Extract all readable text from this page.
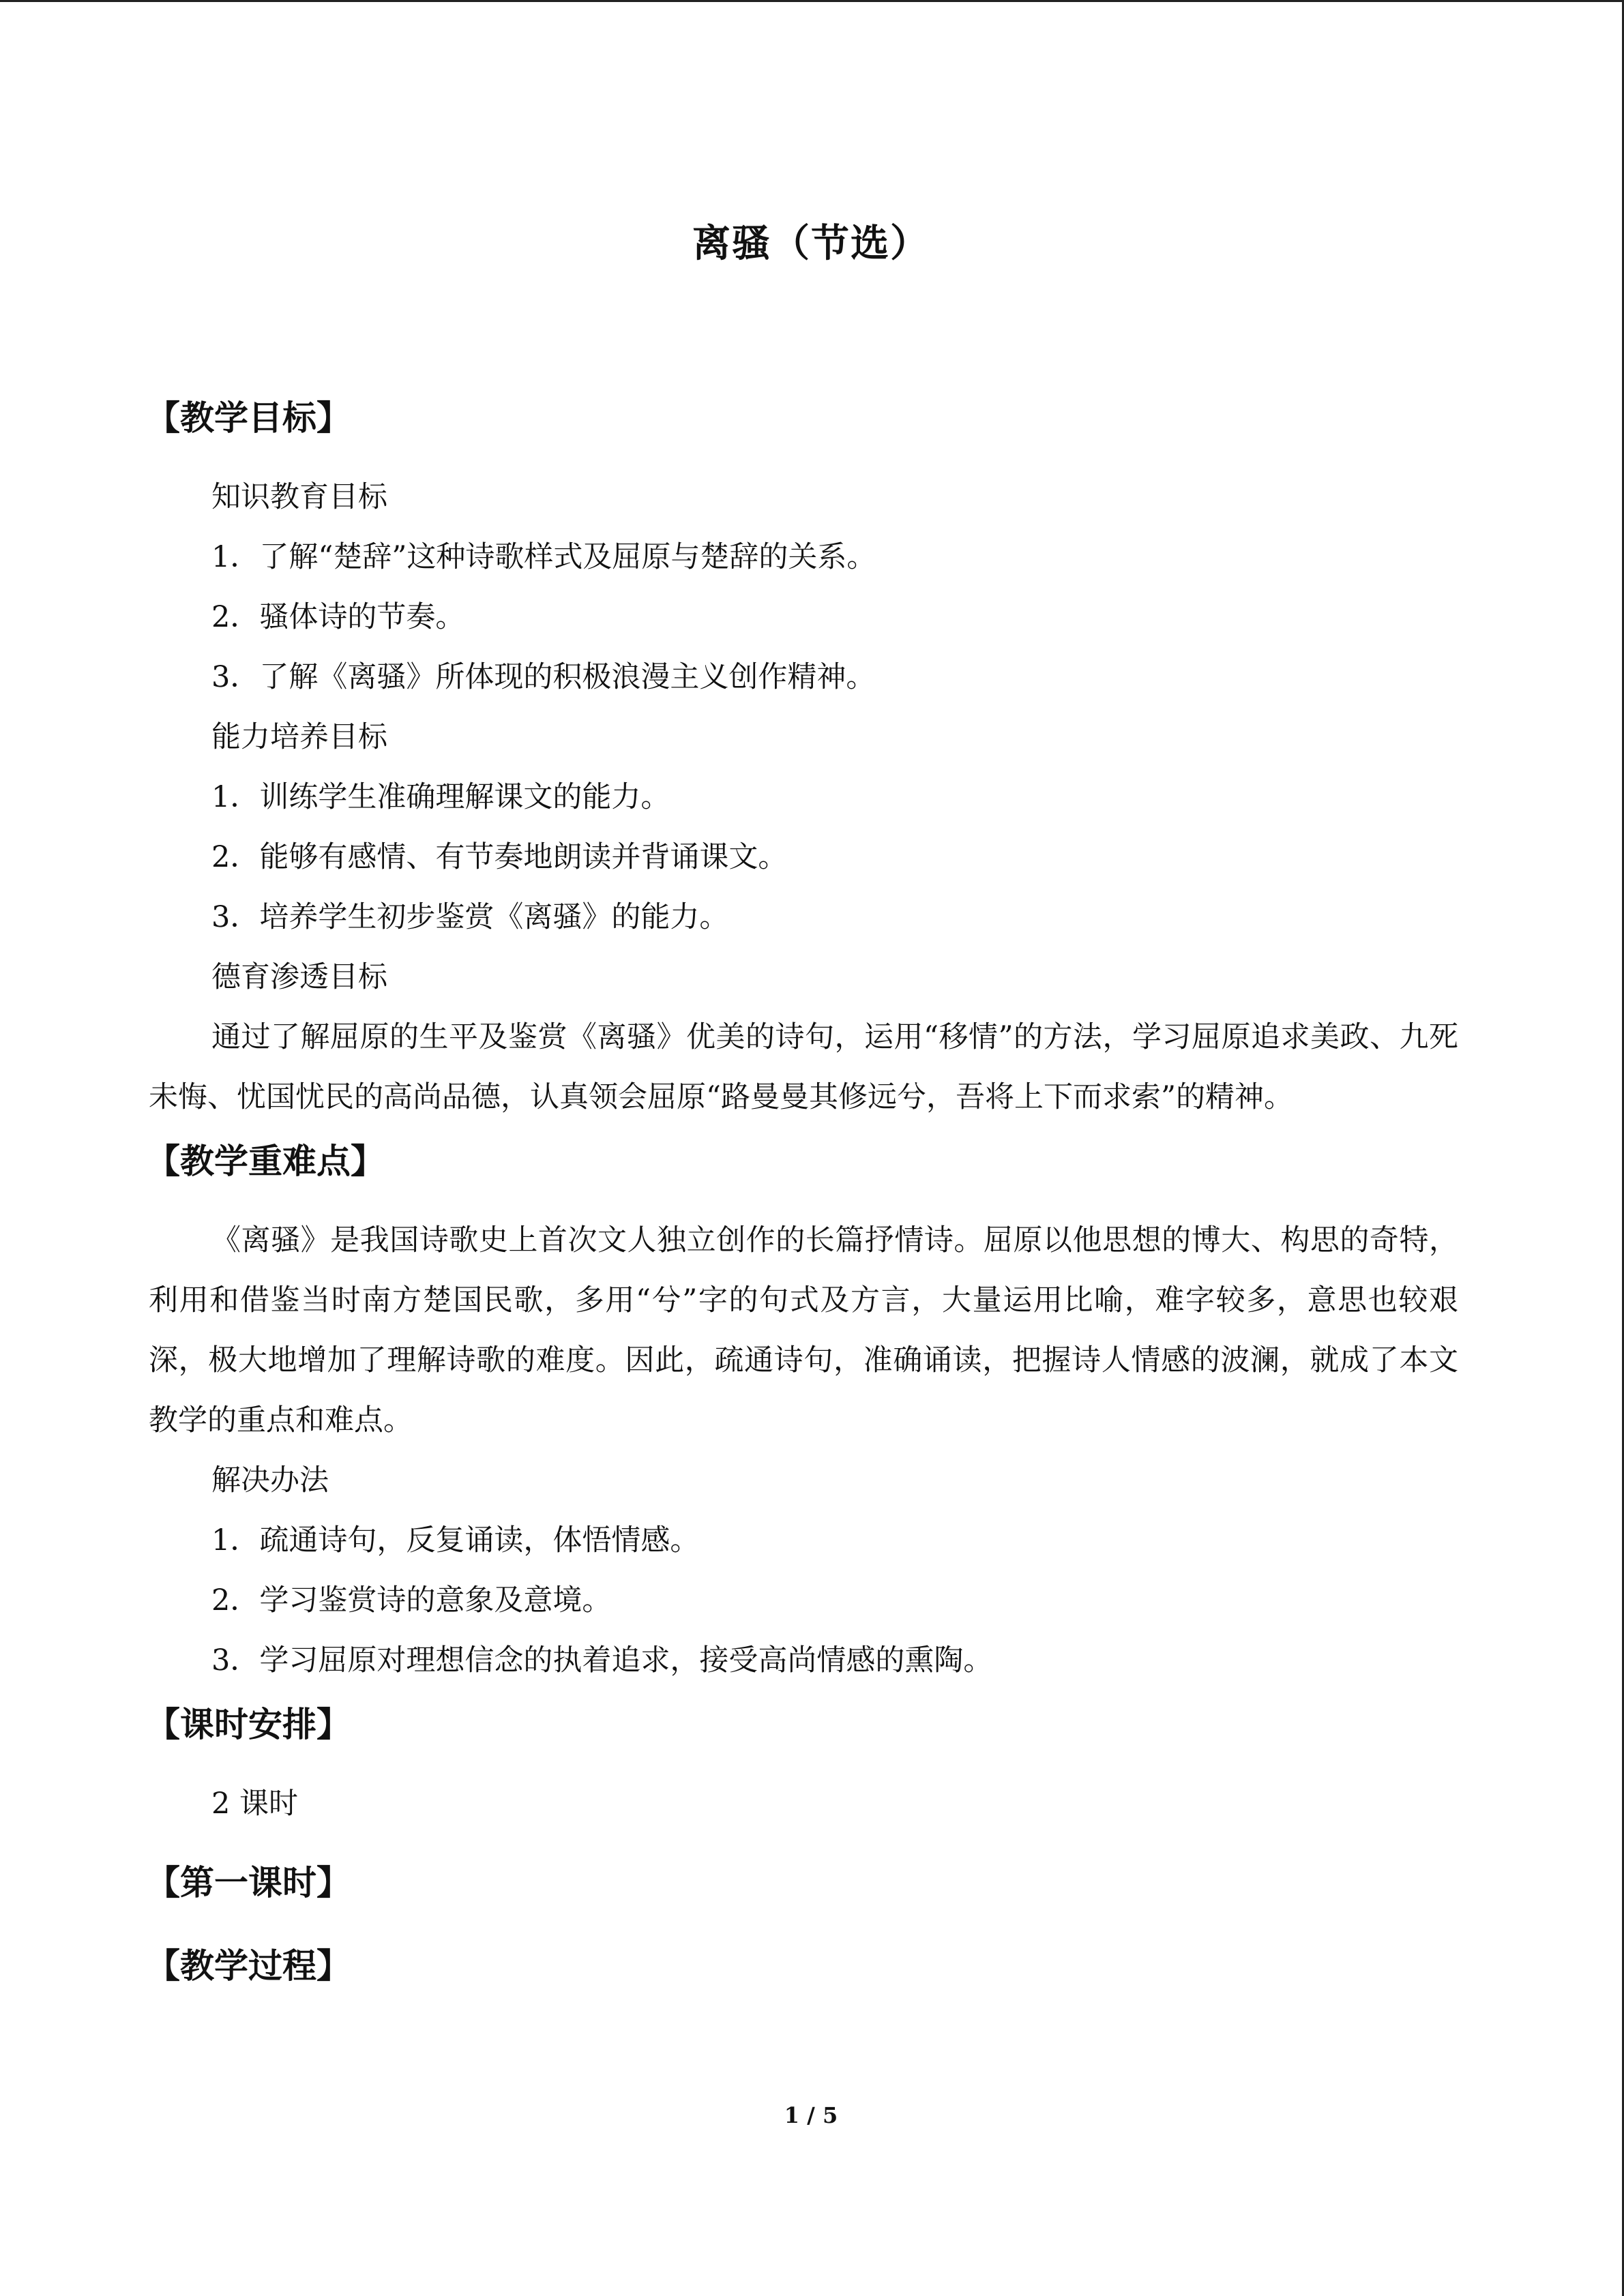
离骚（节选）
【教学目标】

知识教育目标

1．了解“楚辞”这种诗歌样式及屈原与楚辞的关系。

2．骚体诗的节奏。

3．了解《离骚》所体现的积极浪漫主义创作精神。

能力培养目标

1．训练学生准确理解课文的能力。

2．能够有感情、有节奏地朗读并背诵课文。

3．培养学生初步鉴赏《离骚》的能力。

德育渗透目标

通过了解屈原的生平及鉴赏《离骚》优美的诗句，运用“移情”的方法，学习屈原追求美政、九死未悔、忧国忧民的高尚品德，认真领会屈原“路曼曼其修远兮，吾将上下而求索”的精神。

【教学重难点】

《离骚》是我国诗歌史上首次文人独立创作的长篇抒情诗。屈原以他思想的博大、构思的奇特，利用和借鉴当时南方楚国民歌，多用“兮”字的句式及方言，大量运用比喻，难字较多，意思也较艰深，极大地增加了理解诗歌的难度。因此，疏通诗句，准确诵读，把握诗人情感的波澜，就成了本文教学的重点和难点。

解决办法

1．疏通诗句，反复诵读，体悟情感。

2．学习鉴赏诗的意象及意境。

3．学习屈原对理想信念的执着追求，接受高尚情感的熏陶。

【课时安排】

2 课时

【第一课时】
【教学过程】
1 / 5
